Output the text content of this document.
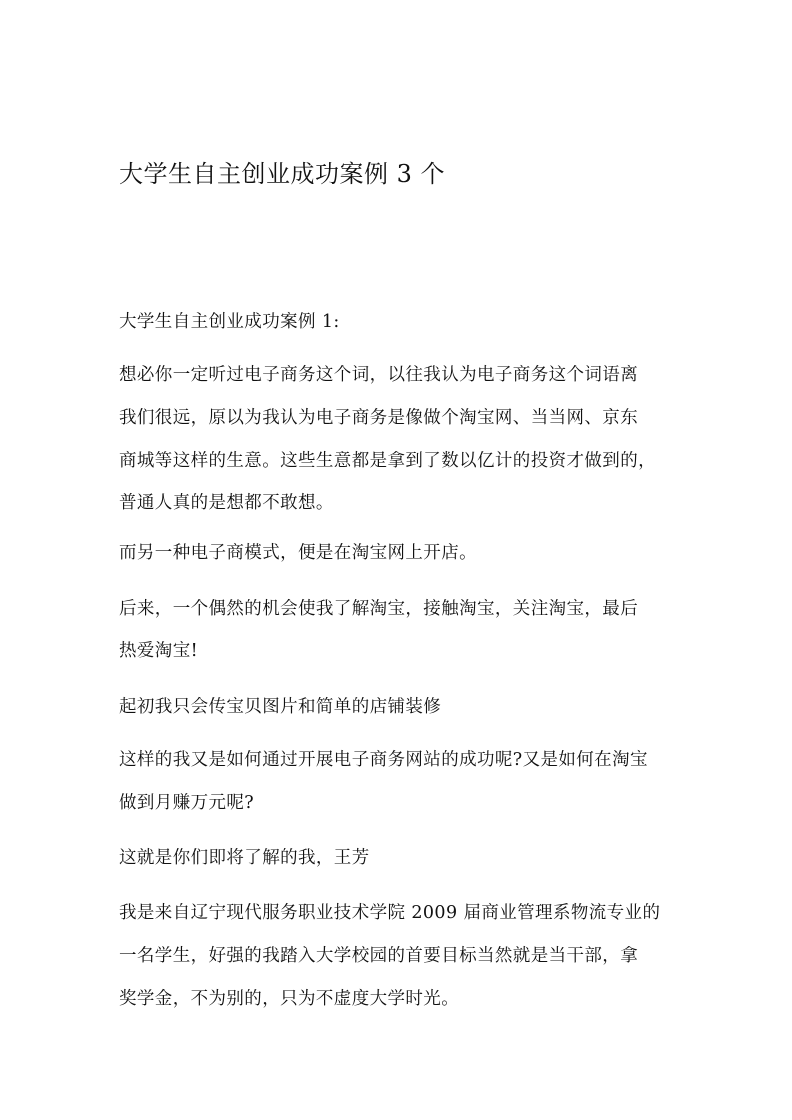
大学生自主创业成功案例 3 个
大学生自主创业成功案例 1:
想必你一定听过电子商务这个词，以往我认为电子商务这个词语离
我们很远，原以为我认为电子商务是像做个淘宝网、当当网、京东
商城等这样的生意。这些生意都是拿到了数以亿计的投资才做到的，
普通人真的是想都不敢想。
而另一种电子商模式，便是在淘宝网上开店。
后来，一个偶然的机会使我了解淘宝，接触淘宝，关注淘宝，最后
热爱淘宝!
起初我只会传宝贝图片和简单的店铺装修
这样的我又是如何通过开展电子商务网站的成功呢?又是如何在淘宝
做到月赚万元呢?
这就是你们即将了解的我，王芳
我是来自辽宁现代服务职业技术学院 2009 届商业管理系物流专业的
一名学生，好强的我踏入大学校园的首要目标当然就是当干部，拿
奖学金，不为别的，只为不虚度大学时光。
